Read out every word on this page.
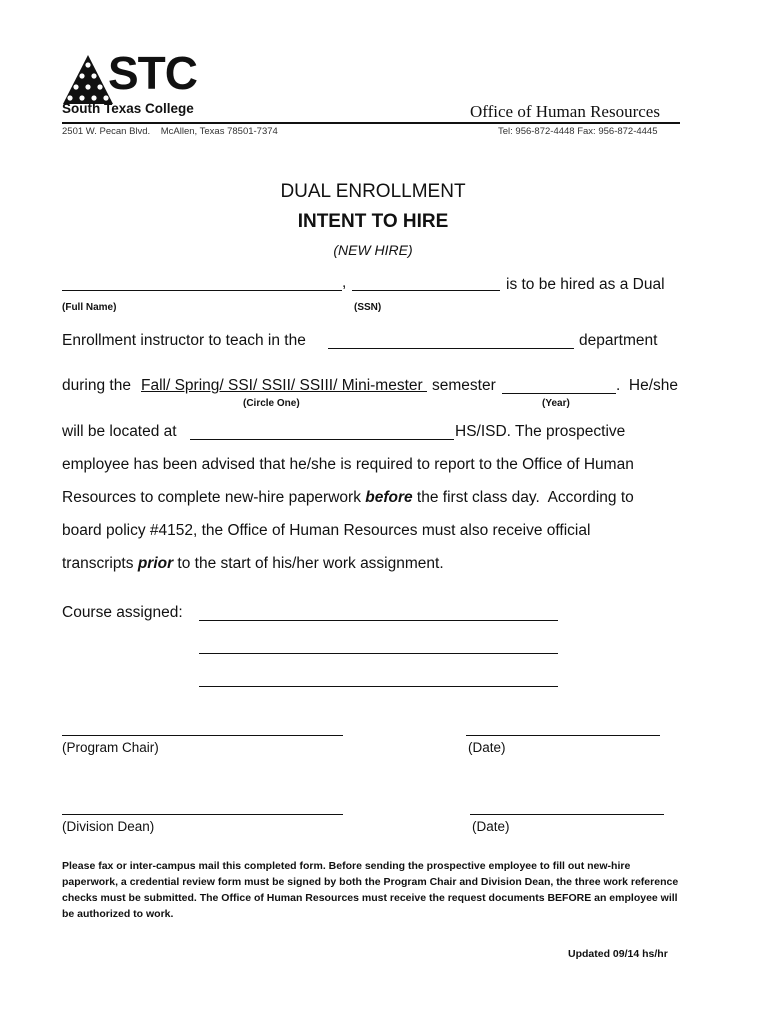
STC
South Texas College	Office of Human Resources
2501 W. Pecan Blvd.    McAllen, Texas 78501-7374	Tel: 956-872-4448 Fax: 956-872-4445
DUAL ENROLLMENT
INTENT TO HIRE
(NEW HIRE)
,	is to be hired as a Dual
(Full Name)	(SSN)
Enrollment instructor to teach in the	department
during the Fall/ Spring/ SSI/ SSII/ SSIII/ Mini-mester semester	.  He/she
(Circle One)	(Year)
will be located at	HS/ISD. The prospective
employee has been advised that he/she is required to report to the Office of Human
Resources to complete new-hire paperwork before the first class day.  According to
board policy #4152, the Office of Human Resources must also receive official
transcripts prior to the start of his/her work assignment.
Course assigned:
(Program Chair)	(Date)
(Division Dean)	(Date)
Please fax or inter-campus mail this completed form. Before sending the prospective employee to fill out new-hire paperwork, a credential review form must be signed by both the Program Chair and Division Dean, the three work reference checks must be submitted. The Office of Human Resources must receive the request documents BEFORE an employee will be authorized to work.
Updated 09/14 hs/hr
